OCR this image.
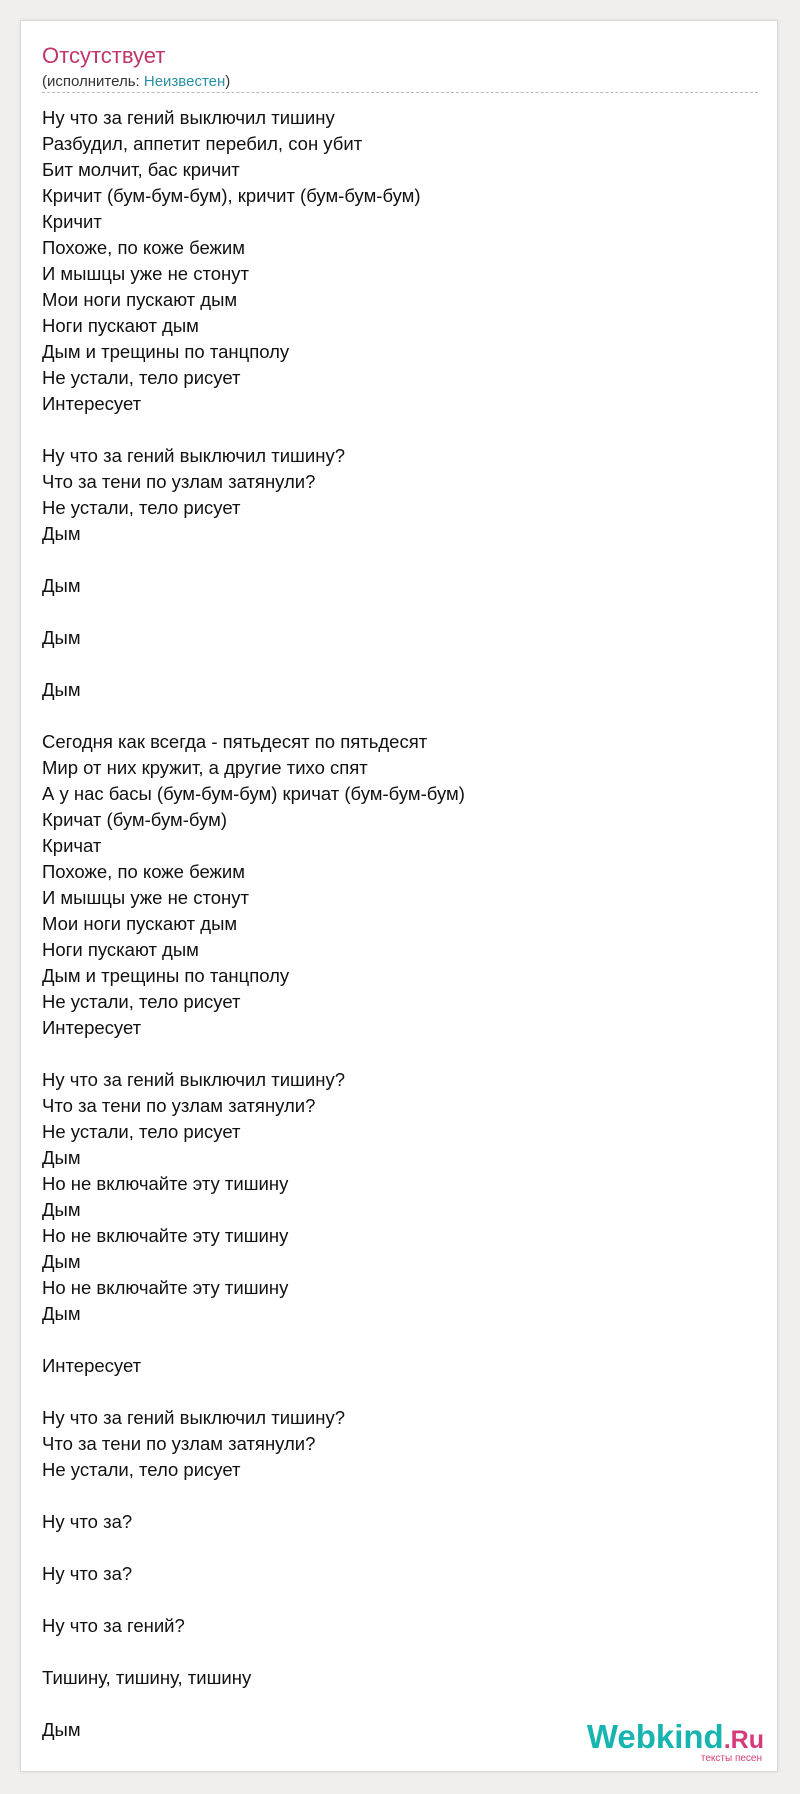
Отсутствует
(исполнитель: Неизвестен)
Ну что за гений выключил тишину
Разбудил, аппетит перебил, сон убит
Бит молчит, бас кричит
Кричит (бум-бум-бум), кричит (бум-бум-бум)
Кричит
Похоже, по коже бежим
И мышцы уже не стонут
Мои ноги пускают дым
Ноги пускают дым
Дым и трещины по танцполу
Не устали, тело рисует
Интересует
Ну что за гений выключил тишину?
Что за тени по узлам затянули?
Не устали, тело рисует
Дым
Дым
Дым
Дым
Сегодня как всегда - пятьдесят по пятьдесят
Мир от них кружит, а другие тихо спят
А у нас басы (бум-бум-бум) кричат (бум-бум-бум)
Кричат (бум-бум-бум)
Кричат
Похоже, по коже бежим
И мышцы уже не стонут
Мои ноги пускают дым
Ноги пускают дым
Дым и трещины по танцполу
Не устали, тело рисует
Интересует
Ну что за гений выключил тишину?
Что за тени по узлам затянули?
Не устали, тело рисует
Дым
Но не включайте эту тишину
Дым
Но не включайте эту тишину
Дым
Но не включайте эту тишину
Дым
Интересует
Ну что за гений выключил тишину?
Что за тени по узлам затянули?
Не устали, тело рисует
Ну что за?
Ну что за?
Ну что за гений?
Тишину, тишину, тишину
Дым	Webkind.Ru
тексты песен
